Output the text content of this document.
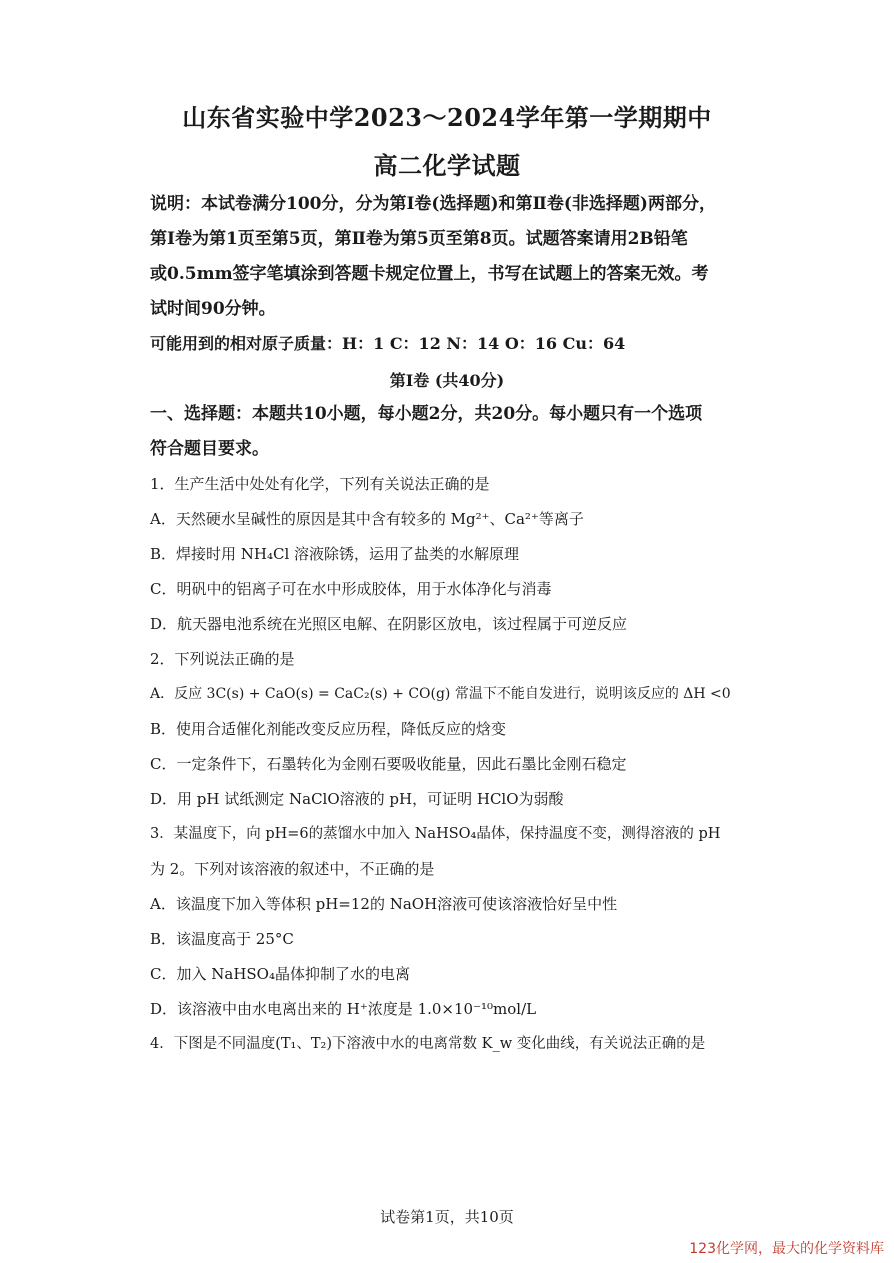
山东省实验中学2023～2024学年第一学期期中
高二化学试题
说明：本试卷满分100分，分为第Ⅰ卷(选择题)和第Ⅱ卷(非选择题)两部分，
第Ⅰ卷为第1页至第5页，第Ⅱ卷为第5页至第8页。试题答案请用2B铅笔
或0.5mm签字笔填涂到答题卡规定位置上，书写在试题上的答案无效。考
试时间90分钟。
可能用到的相对原子质量：H：1 C：12 N：14 O：16 Cu：64
第Ⅰ卷 (共40分)
一、选择题：本题共10小题，每小题2分，共20分。每小题只有一个选项
符合题目要求。
1．生产生活中处处有化学，下列有关说法正确的是
A．天然硬水呈碱性的原因是其中含有较多的 Mg²⁺、Ca²⁺等离子
B．焊接时用 NH₄Cl 溶液除锈，运用了盐类的水解原理
C．明矾中的铝离子可在水中形成胶体，用于水体净化与消毒
D．航天器电池系统在光照区电解、在阴影区放电，该过程属于可逆反应
2．下列说法正确的是
A．反应 3C(s) + CaO(s) = CaC₂(s) + CO(g) 常温下不能自发进行，说明该反应的 ΔH <0
B．使用合适催化剂能改变反应历程，降低反应的焓变
C．一定条件下，石墨转化为金刚石要吸收能量，因此石墨比金刚石稳定
D．用 pH 试纸测定 NaClO溶液的 pH，可证明 HClO为弱酸
3．某温度下，向 pH=6的蒸馏水中加入 NaHSO₄晶体，保持温度不变，测得溶液的 pH
为 2。下列对该溶液的叙述中，不正确的是
A．该温度下加入等体积 pH=12的 NaOH溶液可使该溶液恰好呈中性
B．该温度高于 25°C
C．加入 NaHSO₄晶体抑制了水的电离
D．该溶液中由水电离出来的 H⁺浓度是 1.0×10⁻¹⁰mol/L
4．下图是不同温度(T₁、T₂)下溶液中水的电离常数 K_w 变化曲线，有关说法正确的是
试卷第1页，共10页
123化学网，最大的化学资料库
